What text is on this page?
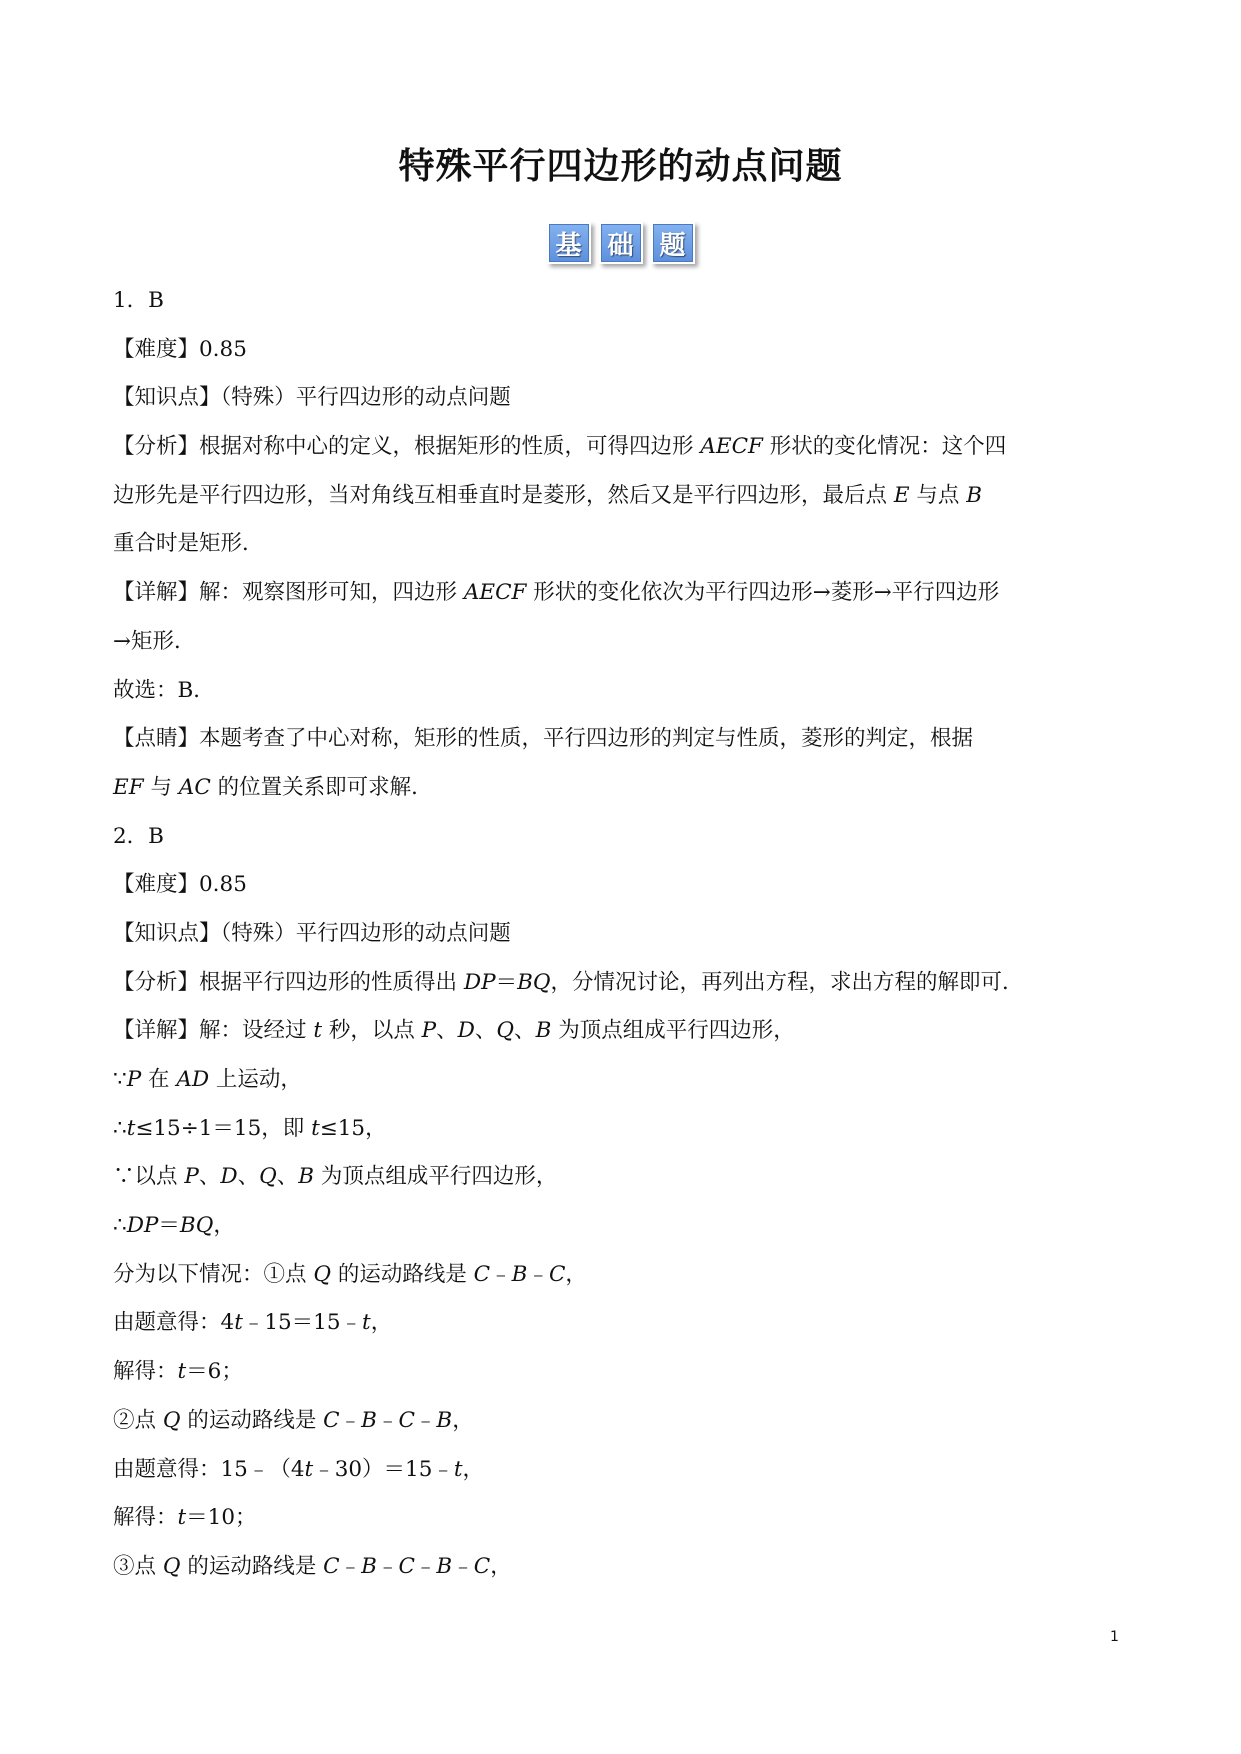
特殊平行四边形的动点问题
基 础 题
1．B
【难度】0.85
【知识点】（特殊）平行四边形的动点问题
【分析】根据对称中心的定义，根据矩形的性质，可得四边形 AECF 形状的变化情况：这个四
边形先是平行四边形，当对角线互相垂直时是菱形，然后又是平行四边形，最后点 E 与点 B
重合时是矩形．
【详解】解：观察图形可知，四边形 AECF 形状的变化依次为平行四边形→菱形→平行四边形
→矩形．
故选：B．
【点睛】本题考查了中心对称，矩形的性质，平行四边形的判定与性质，菱形的判定，根据
EF 与 AC 的位置关系即可求解．
2．B
【难度】0.85
【知识点】（特殊）平行四边形的动点问题
【分析】根据平行四边形的性质得出 DP＝BQ，分情况讨论，再列出方程，求出方程的解即可．
【详解】解：设经过 t 秒，以点 P、D、Q、B 为顶点组成平行四边形，
∵P 在 AD 上运动，
∴t≤15÷1＝15，即 t≤15，
∵以点 P、D、Q、B 为顶点组成平行四边形，
∴DP＝BQ，
分为以下情况：①点 Q 的运动路线是 C﹣B﹣C，
由题意得：4t﹣15＝15﹣t，
解得：t＝6；
②点 Q 的运动路线是 C﹣B﹣C﹣B，
由题意得：15﹣（4t﹣30）＝15﹣t，
解得：t＝10；
③点 Q 的运动路线是 C﹣B﹣C﹣B﹣C，
1
